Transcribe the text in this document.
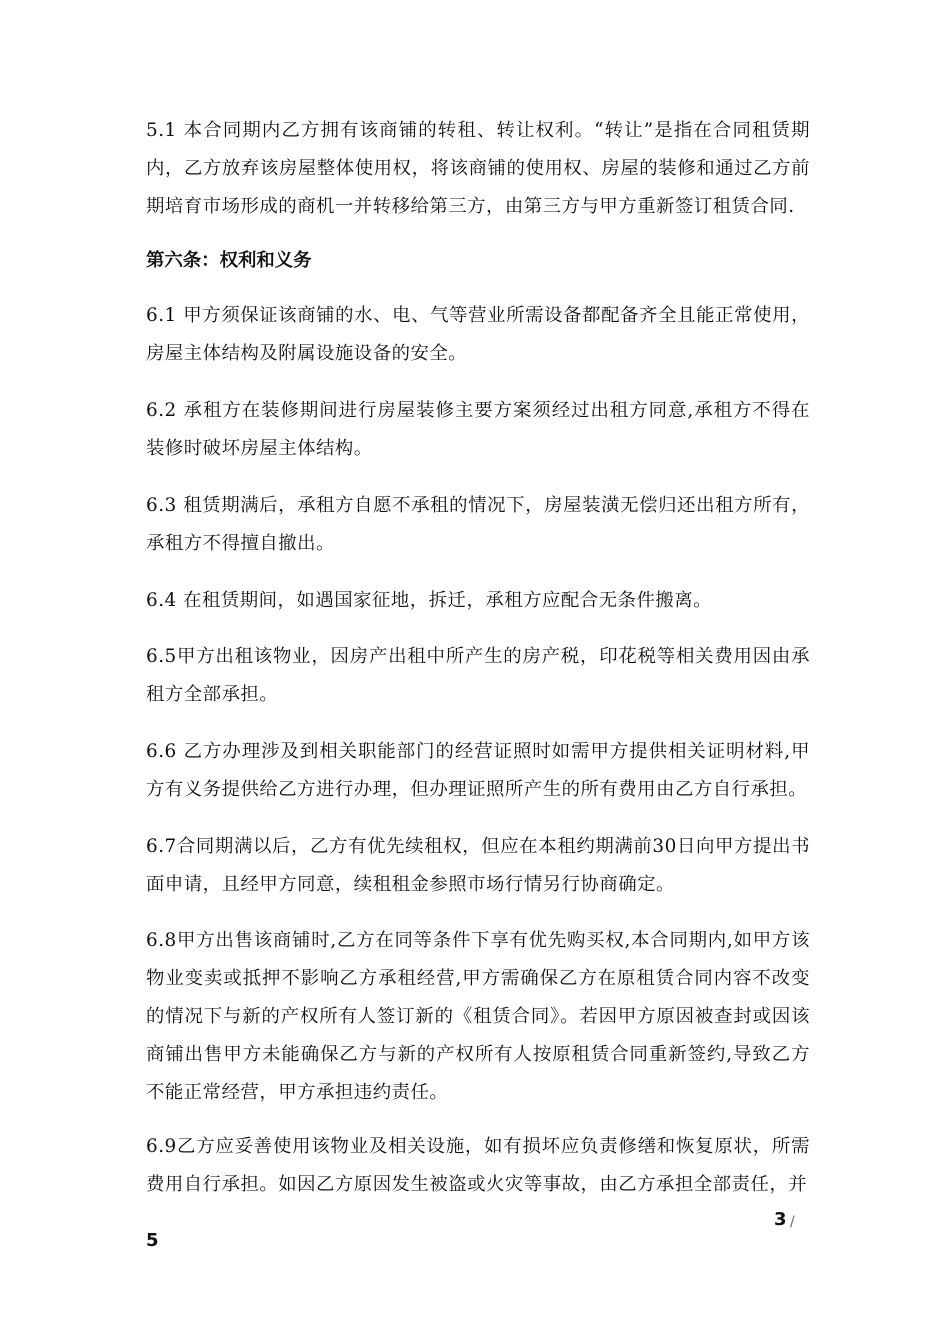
5.1 本合同期内乙方拥有该商铺的转租、转让权利。“转让”是指在合同租赁期内，乙方放弃该房屋整体使用权，将该商铺的使用权、房屋的装修和通过乙方前期培育市场形成的商机一并转移给第三方，由第三方与甲方重新签订租赁合同.

第六条：权利和义务

6.1 甲方须保证该商铺的水、电、气等营业所需设备都配备齐全且能正常使用，房屋主体结构及附属设施设备的安全。

6.2 承租方在装修期间进行房屋装修主要方案须经过出租方同意,承租方不得在装修时破坏房屋主体结构。

6.3 租赁期满后，承租方自愿不承租的情况下，房屋装潢无偿归还出租方所有，承租方不得擅自撤出。

6.4 在租赁期间，如遇国家征地，拆迁，承租方应配合无条件搬离。

6.5甲方出租该物业，因房产出租中所产生的房产税，印花税等相关费用因由承租方全部承担。

6.6 乙方办理涉及到相关职能部门的经营证照时如需甲方提供相关证明材料,甲方有义务提供给乙方进行办理，但办理证照所产生的所有费用由乙方自行承担。

6.7合同期满以后，乙方有优先续租权，但应在本租约期满前30日向甲方提出书面申请，且经甲方同意，续租租金参照市场行情另行协商确定。

6.8甲方出售该商铺时,乙方在同等条件下享有优先购买权,本合同期内,如甲方该物业变卖或抵押不影响乙方承租经营,甲方需确保乙方在原租赁合同内容不改变的情况下与新的产权所有人签订新的《租赁合同》。若因甲方原因被查封或因该商铺出售甲方未能确保乙方与新的产权所有人按原租赁合同重新签约,导致乙方不能正常经营，甲方承担违约责任。

6.9乙方应妥善使用该物业及相关设施，如有损坏应负责修缮和恢复原状，所需费用自行承担。如因乙方原因发生被盗或火灾等事故，由乙方承担全部责任，并

3 /
5
